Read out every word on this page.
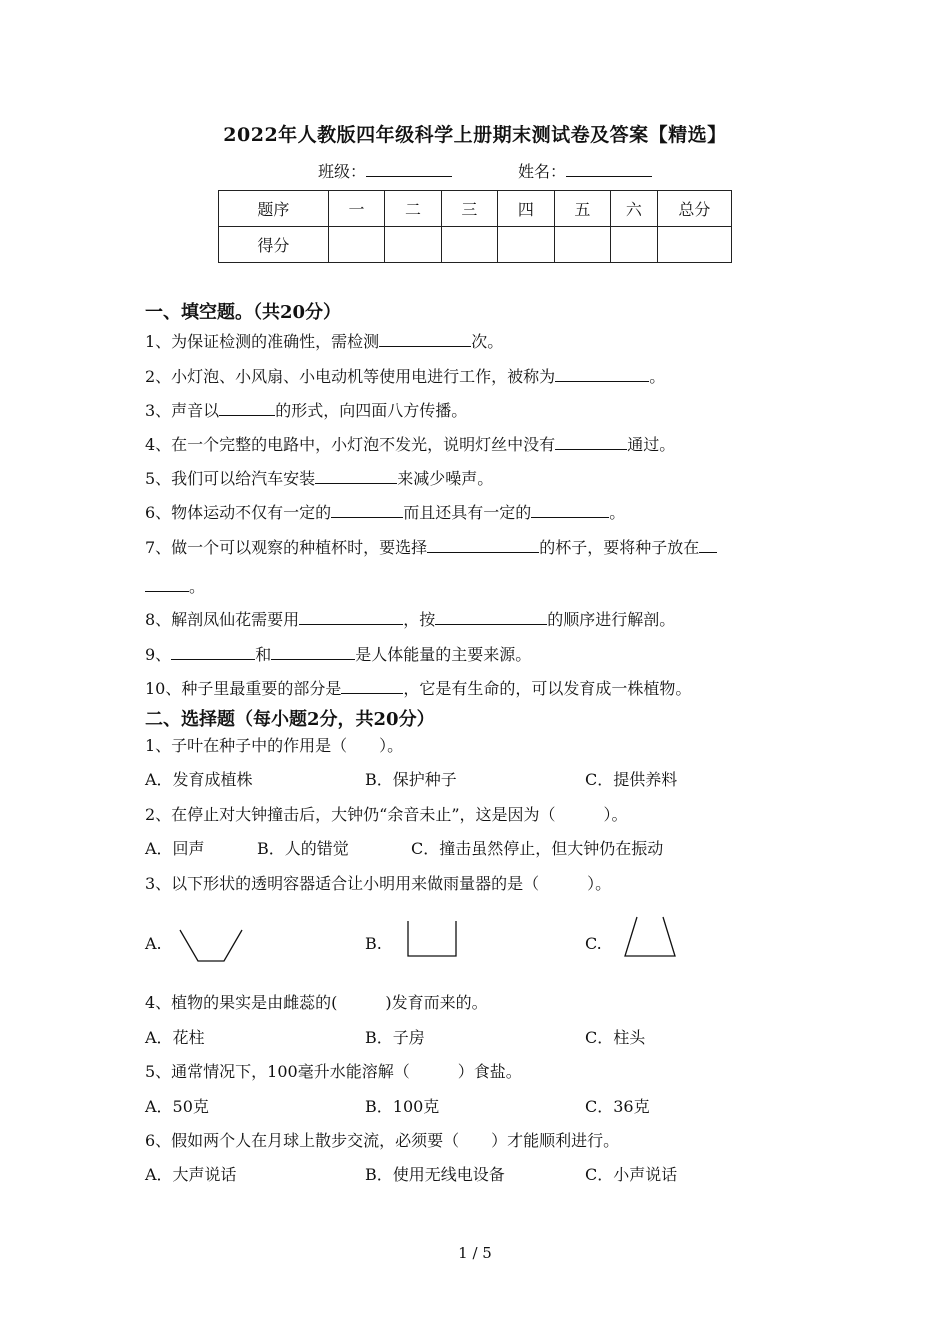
2022年人教版四年级科学上册期末测试卷及答案【精选】
班级：	姓名：
题序	一	二	三	四	五	六	总分
得分							
一、填空题。（共20分）
1、为保证检测的准确性，需检测	次。
2、小灯泡、小风扇、小电动机等使用电进行工作，被称为	。
3、声音以	的形式，向四面八方传播。
4、在一个完整的电路中，小灯泡不发光，说明灯丝中没有	通过。
5、我们可以给汽车安装	来减少噪声。
6、物体运动不仅有一定的	而且还具有一定的	。
7、做一个可以观察的种植杯时，要选择	的杯子，要将种子放在
。
8、解剖凤仙花需要用	，按	的顺序进行解剖。
9、	和	是人体能量的主要来源。
10、种子里最重要的部分是	，它是有生命的，可以发育成一株植物。
二、选择题（每小题2分，共20分）
1、子叶在种子中的作用是（　　）。
A．发育成植株	B．保护种子	C．提供养料
2、在停止对大钟撞击后，大钟仍“余音未止”，这是因为（　　　）。
A．回声	B．人的错觉	C．撞击虽然停止，但大钟仍在振动
3、以下形状的透明容器适合让小明用来做雨量器的是（　　　）。
A.	B.	C.
4、植物的果实是由雌蕊的(　　　)发育而来的。
A．花柱	B．子房	C．柱头
5、通常情况下，100毫升水能溶解（　　　）食盐。
A．50克	B．100克	C．36克
6、假如两个人在月球上散步交流，必须要（　　）才能顺利进行。
A．大声说话	B．使用无线电设备	C．小声说话
1 / 5
